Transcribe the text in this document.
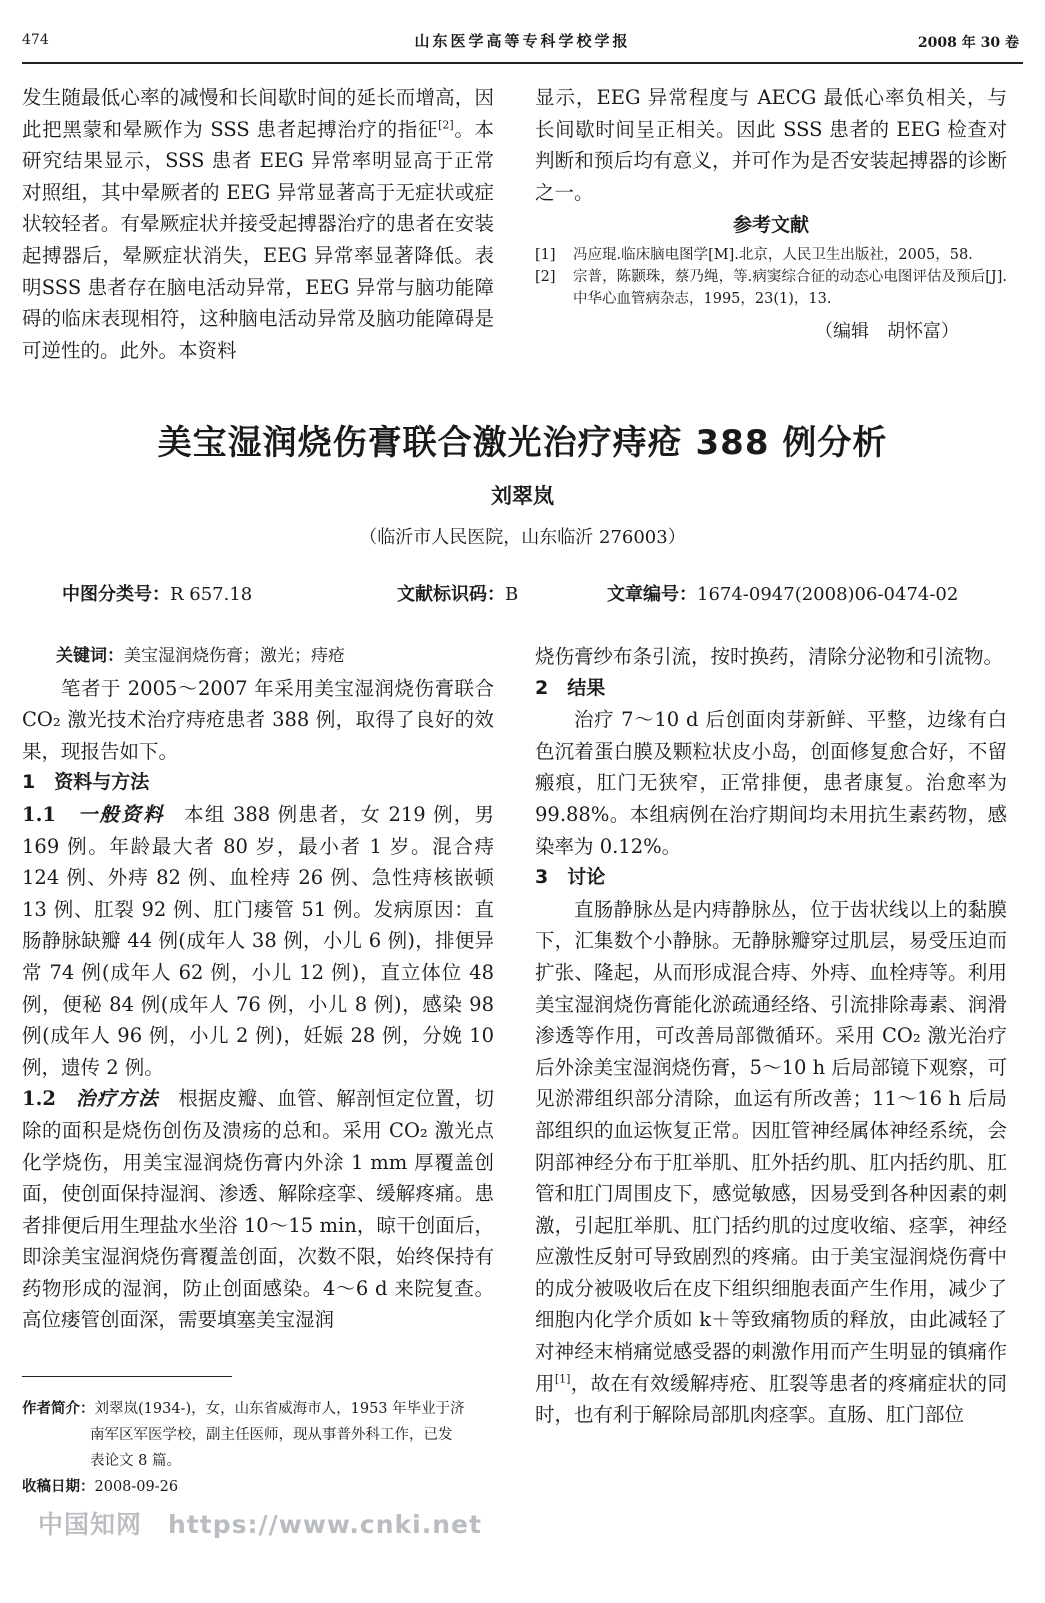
474	山东医学高等专科学校学报	2008 年 30 卷

发生随最低心率的减慢和长间歇时间的延长而增高，因此把黑蒙和晕厥作为 SSS 患者起搏治疗的指征[2]。本研究结果显示，SSS 患者 EEG 异常率明显高于正常对照组，其中晕厥者的 EEG 异常显著高于无症状或症状较轻者。有晕厥症状并接受起搏器治疗的患者在安装起搏器后，晕厥症状消失，EEG 异常率显著降低。表明SSS 患者存在脑电活动异常，EEG 异常与脑功能障碍的临床表现相符，这种脑电活动异常及脑功能障碍是可逆性的。此外。本资料

显示，EEG 异常程度与 AECG 最低心率负相关，与长间歇时间呈正相关。因此 SSS 患者的 EEG 检查对判断和预后均有意义，并可作为是否安装起搏器的诊断之一。

参考文献
[1]	冯应琨.临床脑电图学[M].北京，人民卫生出版社，2005，58.
[2]	宗普，陈颢珠，蔡乃绳，等.病窦综合征的动态心电图评估及预后[J].中华心血管病杂志，1995，23(1)，13.
（编辑　胡怀富）
美宝湿润烧伤膏联合激光治疗痔疮 388 例分析
刘翠岚
（临沂市人民医院，山东临沂 276003）
中图分类号：R 657.18	文献标识码：B	文章编号：1674-0947(2008)06-0474-02

关键词：美宝湿润烧伤膏；激光；痔疮

笔者于 2005～2007 年采用美宝湿润烧伤膏联合 CO₂ 激光技术治疗痔疮患者 388 例，取得了良好的效果，现报告如下。

1　资料与方法

1.1　 一般资料 本组 388 例患者，女 219 例，男 169 例。年龄最大者 80 岁，最小者 1 岁。混合痔 124 例、外痔 82 例、血栓痔 26 例、急性痔核嵌顿 13 例、肛裂 92 例、肛门瘘管 51 例。发病原因：直肠静脉缺瓣 44 例(成年人 38 例，小儿 6 例)，排便异常 74 例(成年人 62 例，小儿 12 例)，直立体位 48 例，便秘 84 例(成年人 76 例，小儿 8 例)，感染 98 例(成年人 96 例，小儿 2 例)，妊娠 28 例，分娩 10 例，遗传 2 例。

1.2　 治疗方法 根据皮瓣、血管、解剖恒定位置，切除的面积是烧伤创伤及溃疡的总和。采用 CO₂ 激光点化学烧伤，用美宝湿润烧伤膏内外涂 1 mm 厚覆盖创面，使创面保持湿润、渗透、解除痉挛、缓解疼痛。患者排便后用生理盐水坐浴 10～15 min，晾干创面后，即涂美宝湿润烧伤膏覆盖创面，次数不限，始终保持有药物形成的湿润，防止创面感染。4～6 d 来院复查。高位瘘管创面深，需要填塞美宝湿润

烧伤膏纱布条引流，按时换药，清除分泌物和引流物。

2　结果

治疗 7～10 d 后创面肉芽新鲜、平整，边缘有白色沉着蛋白膜及颗粒状皮小岛，创面修复愈合好，不留瘢痕，肛门无狭窄，正常排便，患者康复。治愈率为 99.88%。本组病例在治疗期间均未用抗生素药物，感染率为 0.12%。

3　讨论

直肠静脉丛是内痔静脉丛，位于齿状线以上的黏膜下，汇集数个小静脉。无静脉瓣穿过肌层，易受压迫而扩张、隆起，从而形成混合痔、外痔、血栓痔等。利用美宝湿润烧伤膏能化淤疏通经络、引流排除毒素、润滑渗透等作用，可改善局部微循环。采用 CO₂ 激光治疗后外涂美宝湿润烧伤膏，5～10 h 后局部镜下观察，可见淤滞组织部分清除，血运有所改善；11～16 h 后局部组织的血运恢复正常。因肛管神经属体神经系统，会阴部神经分布于肛举肌、肛外括约肌、肛内括约肌、肛管和肛门周围皮下，感觉敏感，因易受到各种因素的刺激，引起肛举肌、肛门括约肌的过度收缩、痉挛，神经应激性反射可导致剧烈的疼痛。由于美宝湿润烧伤膏中的成分被吸收后在皮下组织细胞表面产生作用，减少了细胞内化学介质如 k＋等致痛物质的释放，由此减轻了对神经末梢痛觉感受器的刺激作用而产生明显的镇痛作用[1]，故在有效缓解痔疮、肛裂等患者的疼痛症状的同时，也有利于解除局部肌肉痉挛。直肠、肛门部位

作者简介：刘翠岚(1934-)，女，山东省威海市人，1953 年毕业于济
南军区军医学校，副主任医师，现从事普外科工作，已发
表论文 8 篇。
收稿日期：2008-09-26
中国知网　https://www.cnki.net
